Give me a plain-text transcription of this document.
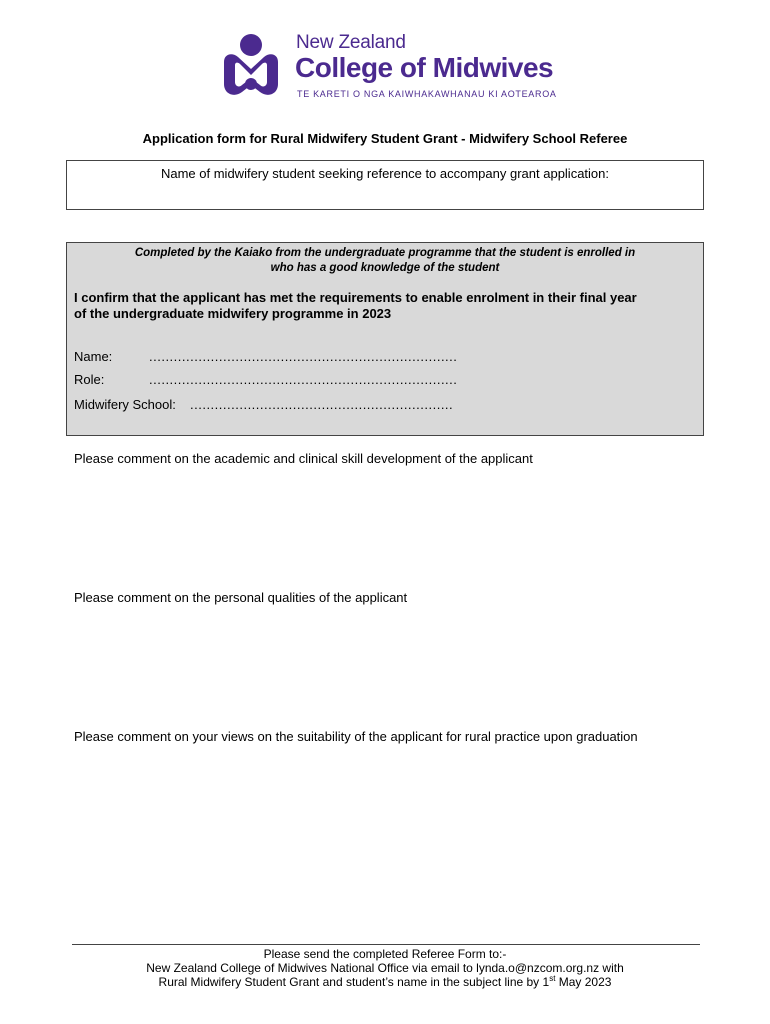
New Zealand
College of Midwives
TE KARETI O NGA KAIWHAKAWHANAU KI AOTEAROA
Application form for Rural Midwifery Student Grant - Midwifery School Referee
Name of midwifery student seeking reference to accompany grant application:
Completed by the Kaiako from the undergraduate programme that the student is enrolled in
who has a good knowledge of the student
I confirm that the applicant has met the requirements to enable enrolment in their final year
of the undergraduate midwifery programme in 2023
Name:	...........................................................................
Role:	...........................................................................
Midwifery School: ................................................................
Please comment on the academic and clinical skill development of the applicant
Please comment on the personal qualities of the applicant
Please comment on your views on the suitability of the applicant for rural practice upon graduation
Please send the completed Referee Form to:-
New Zealand College of Midwives National Office via email to lynda.o@nzcom.org.nz with
Rural Midwifery Student Grant and student’s name in the subject line by 1st May 2023
